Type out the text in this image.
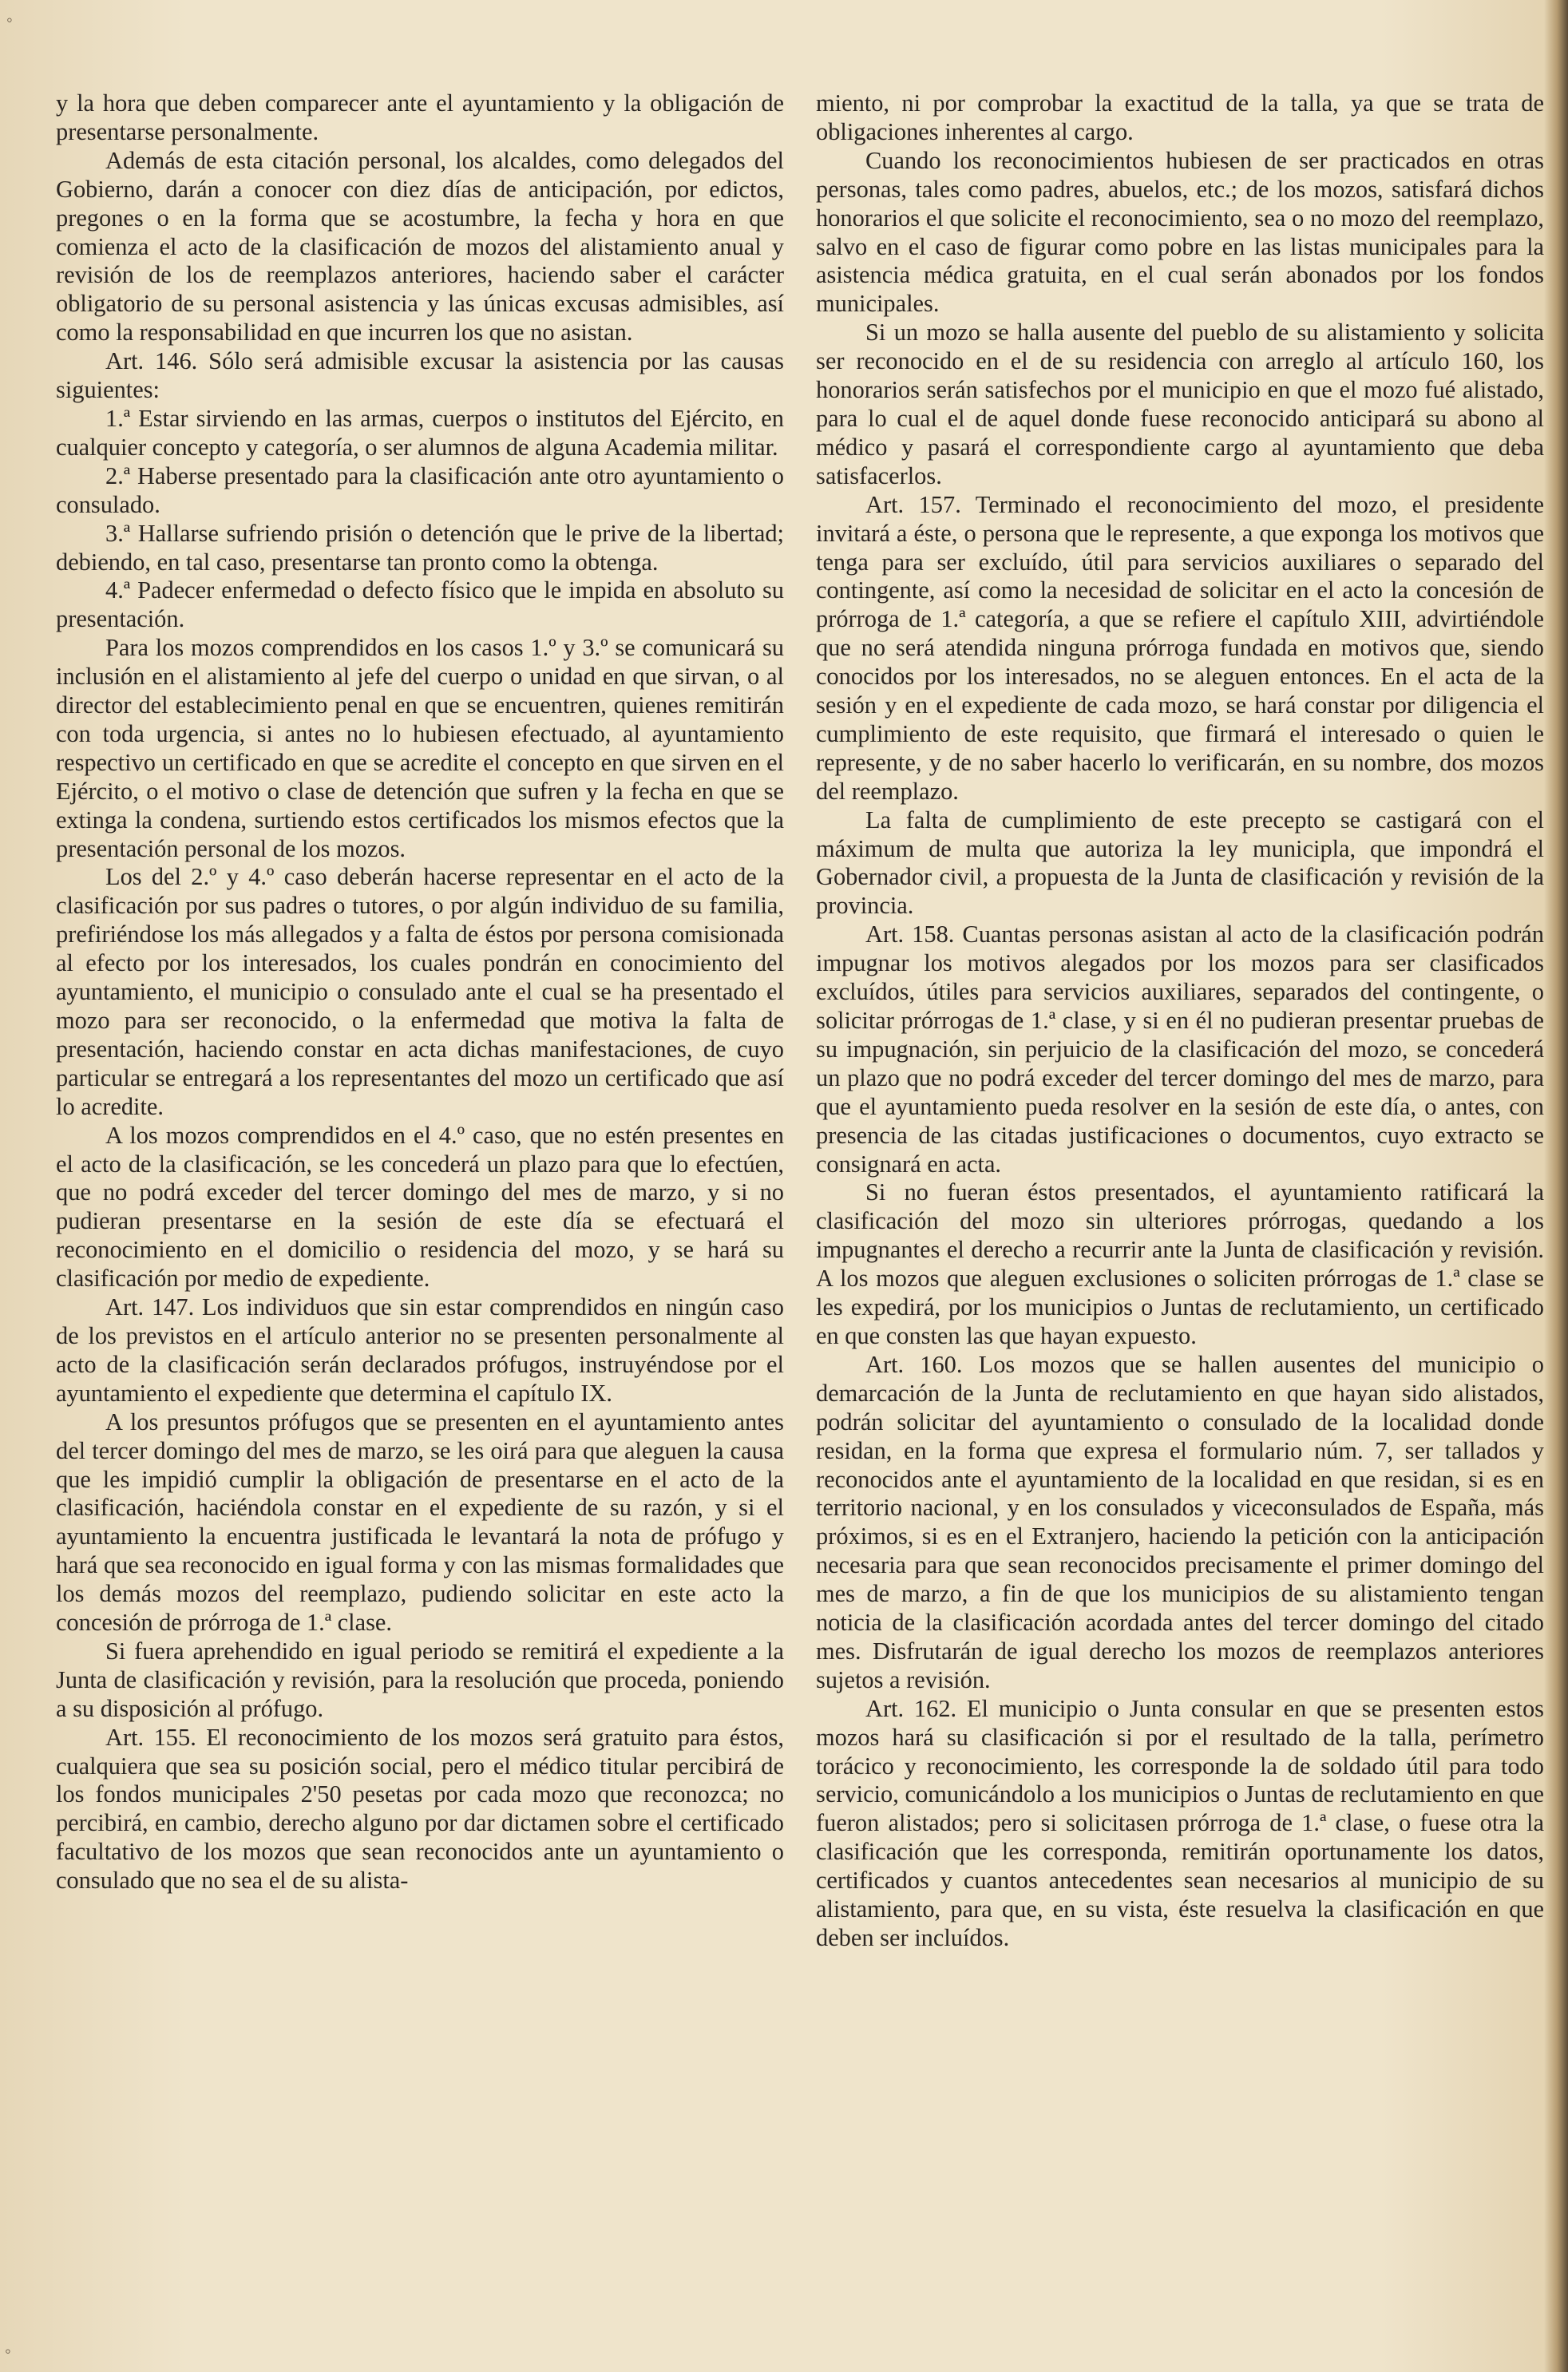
◦
◦

y la hora que deben comparecer ante el ayuntamiento y la obligación de presentarse personalmente.

Además de esta citación personal, los alcaldes, como delegados del Gobierno, darán a conocer con diez días de anticipación, por edictos, pregones o en la forma que se acostumbre, la fecha y hora en que comienza el acto de la clasificación de mozos del alistamiento anual y revisión de los de reemplazos anteriores, haciendo saber el carácter obligatorio de su personal asistencia y las únicas excusas admisibles, así como la responsabilidad en que incurren los que no asistan.

Art. 146. Sólo será admisible excusar la asistencia por las causas siguientes:

1.ª Estar sirviendo en las armas, cuerpos o institutos del Ejército, en cualquier concepto y categoría, o ser alumnos de alguna Academia militar.

2.ª Haberse presentado para la clasificación ante otro ayuntamiento o consulado.

3.ª Hallarse sufriendo prisión o detención que le prive de la libertad; debiendo, en tal caso, presentarse tan pronto como la obtenga.

4.ª Padecer enfermedad o defecto físico que le impida en absoluto su presentación.

Para los mozos comprendidos en los casos 1.º y 3.º se comunicará su inclusión en el alistamiento al jefe del cuerpo o unidad en que sirvan, o al director del establecimiento penal en que se encuentren, quienes remitirán con toda urgencia, si antes no lo hubiesen efectuado, al ayuntamiento respectivo un certificado en que se acredite el concepto en que sirven en el Ejército, o el motivo o clase de detención que sufren y la fecha en que se extinga la condena, surtiendo estos certificados los mismos efectos que la presentación personal de los mozos.

Los del 2.º y 4.º caso deberán hacerse representar en el acto de la clasificación por sus padres o tutores, o por algún individuo de su familia, prefiriéndose los más allegados y a falta de éstos por persona comisionada al efecto por los interesados, los cuales pondrán en conocimiento del ayuntamiento, el municipio o consulado ante el cual se ha presentado el mozo para ser reconocido, o la enfermedad que motiva la falta de presentación, haciendo constar en acta dichas manifestaciones, de cuyo particular se entregará a los representantes del mozo un certificado que así lo acredite.

A los mozos comprendidos en el 4.º caso, que no estén presentes en el acto de la clasificación, se les concederá un plazo para que lo efectúen, que no podrá exceder del tercer domingo del mes de marzo, y si no pudieran presentarse en la sesión de este día se efectuará el reconocimiento en el domicilio o residencia del mozo, y se hará su clasificación por medio de expediente.

Art. 147. Los individuos que sin estar comprendidos en ningún caso de los previstos en el artículo anterior no se presenten personalmente al acto de la clasificación serán declarados prófugos, instruyéndose por el ayuntamiento el expediente que determina el capítulo IX.

A los presuntos prófugos que se presenten en el ayuntamiento antes del tercer domingo del mes de marzo, se les oirá para que aleguen la causa que les impidió cumplir la obligación de presentarse en el acto de la clasificación, haciéndola constar en el expediente de su razón, y si el ayuntamiento la encuentra justificada le levantará la nota de prófugo y hará que sea reconocido en igual forma y con las mismas formalidades que los demás mozos del reemplazo, pudiendo solicitar en este acto la concesión de prórroga de 1.ª clase.

Si fuera aprehendido en igual periodo se remitirá el expediente a la Junta de clasificación y revisión, para la resolución que proceda, poniendo a su disposición al prófugo.

Art. 155. El reconocimiento de los mozos será gratuito para éstos, cualquiera que sea su posición social, pero el médico titular percibirá de los fondos municipales 2'50 pesetas por cada mozo que reconozca; no percibirá, en cambio, derecho alguno por dar dictamen sobre el certificado facultativo de los mozos que sean reconocidos ante un ayuntamiento o consulado que no sea el de su alista-

miento, ni por comprobar la exactitud de la talla, ya que se trata de obligaciones inherentes al cargo.

Cuando los reconocimientos hubiesen de ser practicados en otras personas, tales como padres, abuelos, etc.; de los mozos, satisfará dichos honorarios el que solicite el reconocimiento, sea o no mozo del reemplazo, salvo en el caso de figurar como pobre en las listas municipales para la asistencia médica gratuita, en el cual serán abonados por los fondos municipales.

Si un mozo se halla ausente del pueblo de su alistamiento y solicita ser reconocido en el de su residencia con arreglo al artículo 160, los honorarios serán satisfechos por el municipio en que el mozo fué alistado, para lo cual el de aquel donde fuese reconocido anticipará su abono al médico y pasará el correspondiente cargo al ayuntamiento que deba satisfacerlos.

Art. 157. Terminado el reconocimiento del mozo, el presidente invitará a éste, o persona que le represente, a que exponga los motivos que tenga para ser excluído, útil para servicios auxiliares o separado del contingente, así como la necesidad de solicitar en el acto la concesión de prórroga de 1.ª categoría, a que se refiere el capítulo XIII, advirtiéndole que no será atendida ninguna prórroga fundada en motivos que, siendo conocidos por los interesados, no se aleguen entonces. En el acta de la sesión y en el expediente de cada mozo, se hará constar por diligencia el cumplimiento de este requisito, que firmará el interesado o quien le represente, y de no saber hacerlo lo verificarán, en su nombre, dos mozos del reemplazo.

La falta de cumplimiento de este precepto se castigará con el máximum de multa que autoriza la ley municipla, que impondrá el Gobernador civil, a propuesta de la Junta de clasificación y revisión de la provincia.

Art. 158. Cuantas personas asistan al acto de la clasificación podrán impugnar los motivos alegados por los mozos para ser clasificados excluídos, útiles para servicios auxiliares, separados del contingente, o solicitar prórrogas de 1.ª clase, y si en él no pudieran presentar pruebas de su impugnación, sin perjuicio de la clasificación del mozo, se concederá un plazo que no podrá exceder del tercer domingo del mes de marzo, para que el ayuntamiento pueda resolver en la sesión de este día, o antes, con presencia de las citadas justificaciones o documentos, cuyo extracto se consignará en acta.

Si no fueran éstos presentados, el ayuntamiento ratificará la clasificación del mozo sin ulteriores prórrogas, quedando a los impugnantes el derecho a recurrir ante la Junta de clasificación y revisión. A los mozos que aleguen exclusiones o soliciten prórrogas de 1.ª clase se les expedirá, por los municipios o Juntas de reclutamiento, un certificado en que consten las que hayan expuesto.

Art. 160. Los mozos que se hallen ausentes del municipio o demarcación de la Junta de reclutamiento en que hayan sido alistados, podrán solicitar del ayuntamiento o consulado de la localidad donde residan, en la forma que expresa el formulario núm. 7, ser tallados y reconocidos ante el ayuntamiento de la localidad en que residan, si es en territorio nacional, y en los consulados y viceconsulados de España, más próximos, si es en el Extranjero, haciendo la petición con la anticipación necesaria para que sean reconocidos precisamente el primer domingo del mes de marzo, a fin de que los municipios de su alistamiento tengan noticia de la clasificación acordada antes del tercer domingo del citado mes. Disfrutarán de igual derecho los mozos de reemplazos anteriores sujetos a revisión.

Art. 162. El municipio o Junta consular en que se presenten estos mozos hará su clasificación si por el resultado de la talla, perímetro torácico y reconocimiento, les corresponde la de soldado útil para todo servicio, comunicándolo a los municipios o Juntas de reclutamiento en que fueron alistados; pero si solicitasen prórroga de 1.ª clase, o fuese otra la clasificación que les corresponda, remitirán oportunamente los datos, certificados y cuantos antecedentes sean necesarios al municipio de su alistamiento, para que, en su vista, éste resuelva la clasificación en que deben ser incluídos.
